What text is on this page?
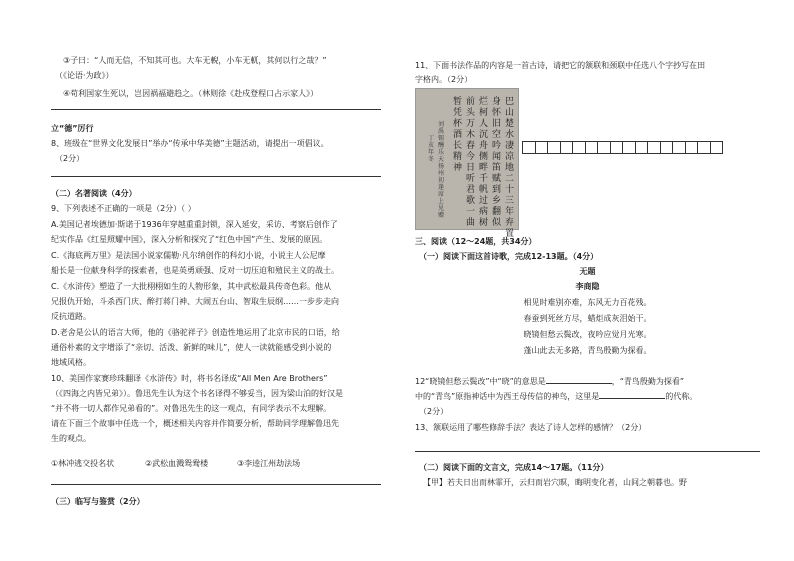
③子曰：“人而无信，不知其可也。大车无輗，小车无軏，其何以行之哉？”
（《论语·为政》）
④苟利国家生死以，岂因祸福避趋之。（林则徐《赴戍登程口占示家人》）
立“德”厉行
8、班级在“世界文化发展日”举办“传承中华美德”主题活动，请提出一项倡议。
（2分）
（二）名著阅读（4分）
9、下列表述不正确的一项是（2分）（ ）
A.美国记者埃德加·斯诺于1936年穿越重重封锁，深入延安，采访、考察后创作了
纪实作品《红星照耀中国》，深入分析和探究了“红色中国”产生、发展的原因。
C.《海底两万里》是法国小说家儒勒·凡尔纳创作的科幻小说，小说主人公尼摩
船长是一位献身科学的探索者，也是英勇顽强、反对一切压迫和殖民主义的战士。
C.《水浒传》塑造了一大批栩栩如生的人物形象，其中武松最具传奇色彩。他从
兄报仇开始，斗杀西门庆、醉打蒋门神、大闹五台山、智取生辰纲……一步步走向
反抗道路。
D.老舍是公认的语言大师，他的《骆驼祥子》创造性地运用了北京市民的口语，给
通俗朴素的文字增添了“亲切、活泼、新鲜的味儿”，使人一读就能感受到小说的
地域风格。
10、美国作家赛珍珠翻译《水浒传》时，将书名译成“All Men Are Brothers”
（《四海之内皆兄弟》）。鲁迅先生认为这个书名译得不够妥当，因为梁山泊的好汉是
“并不将一切人都作兄弟看的”。对鲁迅先生的这一观点，有同学表示不太理解。
请在下面三个故事中任选一个，概述相关内容并作简要分析，帮助同学理解鲁迅先
生的观点。
①林冲逃交投名状	②武松血溅鸳鸯楼	③李逵江州劫法场
（三）临写与鉴赏（2分）
11、下面书法作品的内容是一首古诗，请把它的颔联和颈联中任选八个字抄写在田
字格内。（2分）
巴山楚水凄凉地二十三年弃置
身怀旧空吟闻笛赋到乡翻似
烂柯人沉舟侧畔千帆过病树
前头万木春今日听君歌一曲
暂凭杯酒长精神
刘禹锡酬乐天扬州初逢席上见赠
丁亥年冬
三、阅读（12～24题，共34分）
（一）阅读下面这首诗歌，完成12-13题。（4分）
无题
李商隐
相见时难别亦难，东风无力百花残。
春蚕到死丝方尽，蜡炬成灰泪始干。
晓镜但愁云鬓改，夜吟应觉月光寒。
蓬山此去无多路，青鸟殷勤为探看。
12“晓镜但愁云鬓改”中“晓”的意思是	，“青鸟殷勤为探看”
中的“青鸟”原指神话中为西王母传信的神鸟，这里是	的代称。
（2分）
13、颔联运用了哪些修辞手法？表达了诗人怎样的感情？（2分）
（二）阅读下面的文言文，完成14～17题。（11分）
【甲】若夫日出而林霏开，云归而岩穴暝，晦明变化者，山间之朝暮也。野
